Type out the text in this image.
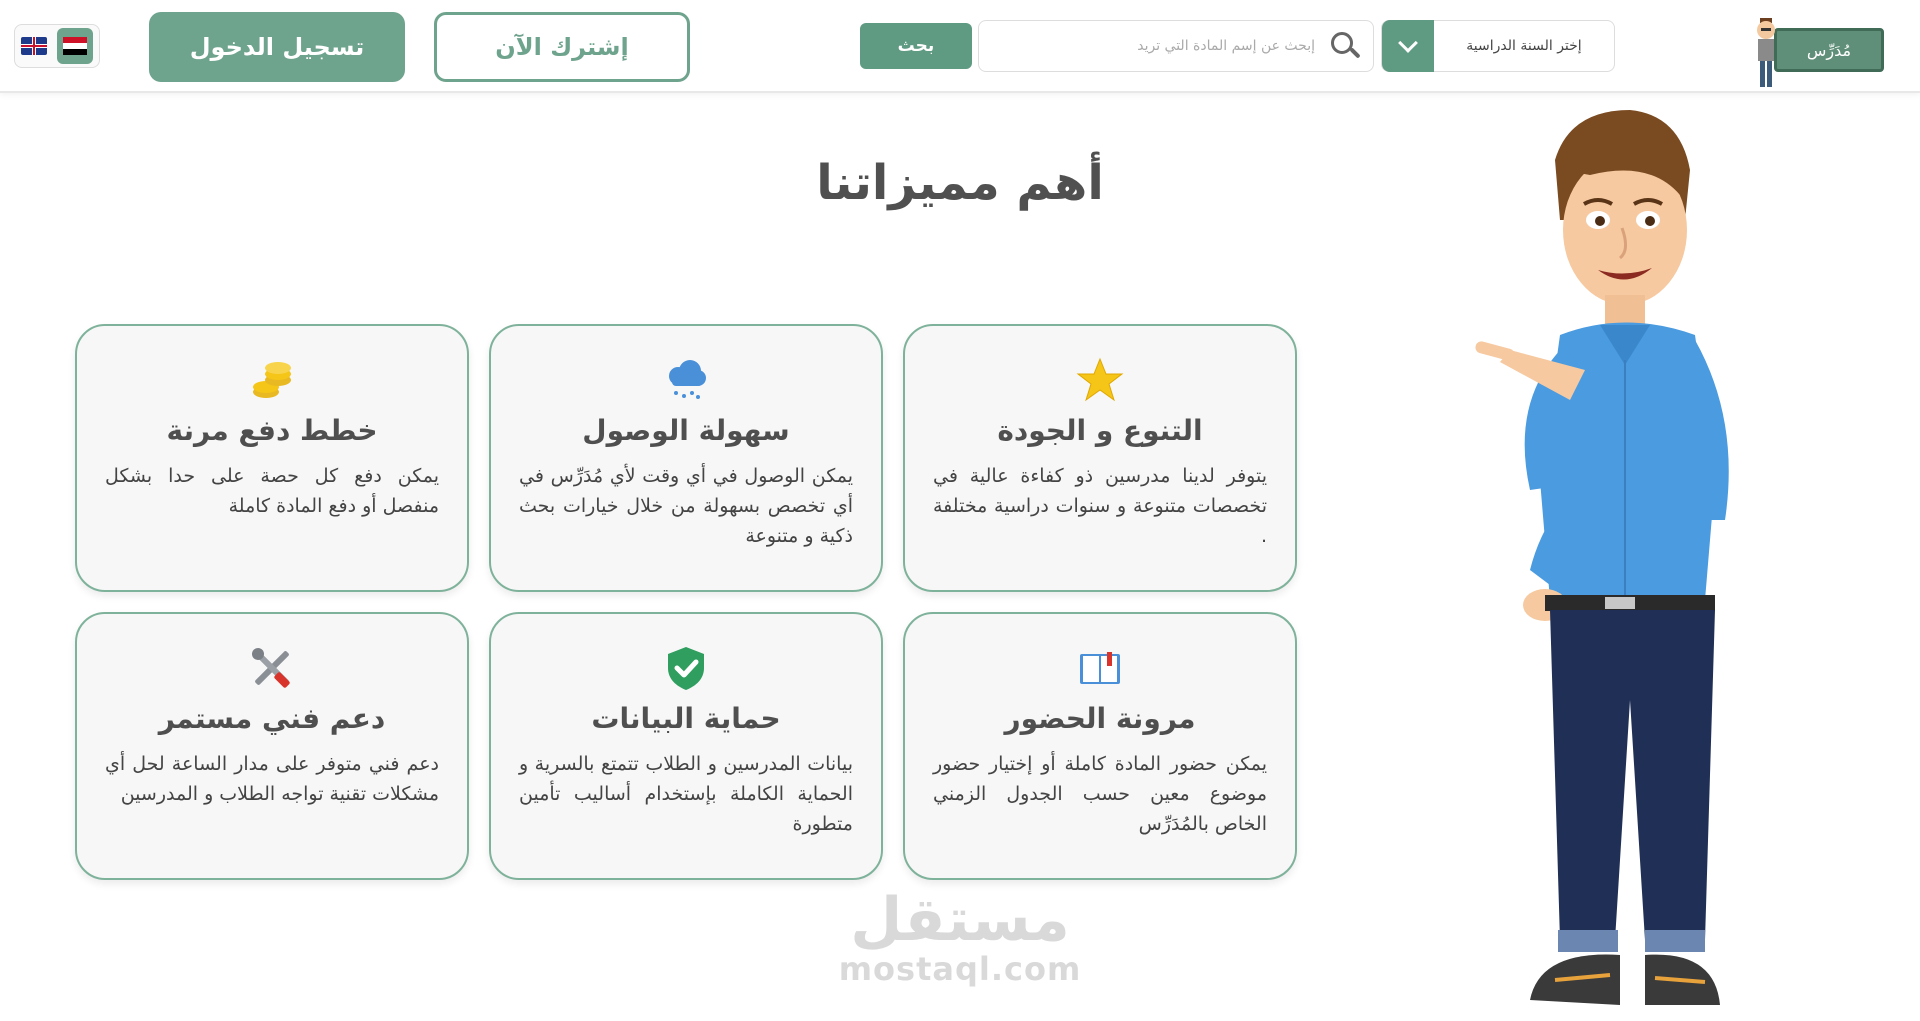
تسجيل الدخول	إشترك الآن	بحث	إبحث عن إسم المادة التي تريد	إختر السنة الدراسية	مُدَرِّس
أهم مميزاتنا
التنوع و الجودة
يتوفر لدينا مدرسين ذو كفاءة عالية في تخصصات متنوعة و سنوات دراسية مختلفة .
سهولة الوصول
يمكن الوصول في أي وقت لأي مُدَرِّس في أي تخصص بسهولة من خلال خيارات بحث ذكية و متنوعة
خطط دفع مرنة
يمكن دفع كل حصة على حدا بشكل منفصل أو دفع المادة كاملة
مرونة الحضور
يمكن حضور المادة كاملة أو إختيار حضور موضوع معين حسب الجدول الزمني الخاص بالمُدَرِّس
حماية البيانات
بيانات المدرسين و الطلاب تتمتع بالسرية و الحماية الكاملة بإستخدام أساليب تأمين متطورة
دعم فني مستمر
دعم فني متوفر على مدار الساعة لحل أي مشكلات تقنية تواجه الطلاب و المدرسين
مستقل
mostaql.com
